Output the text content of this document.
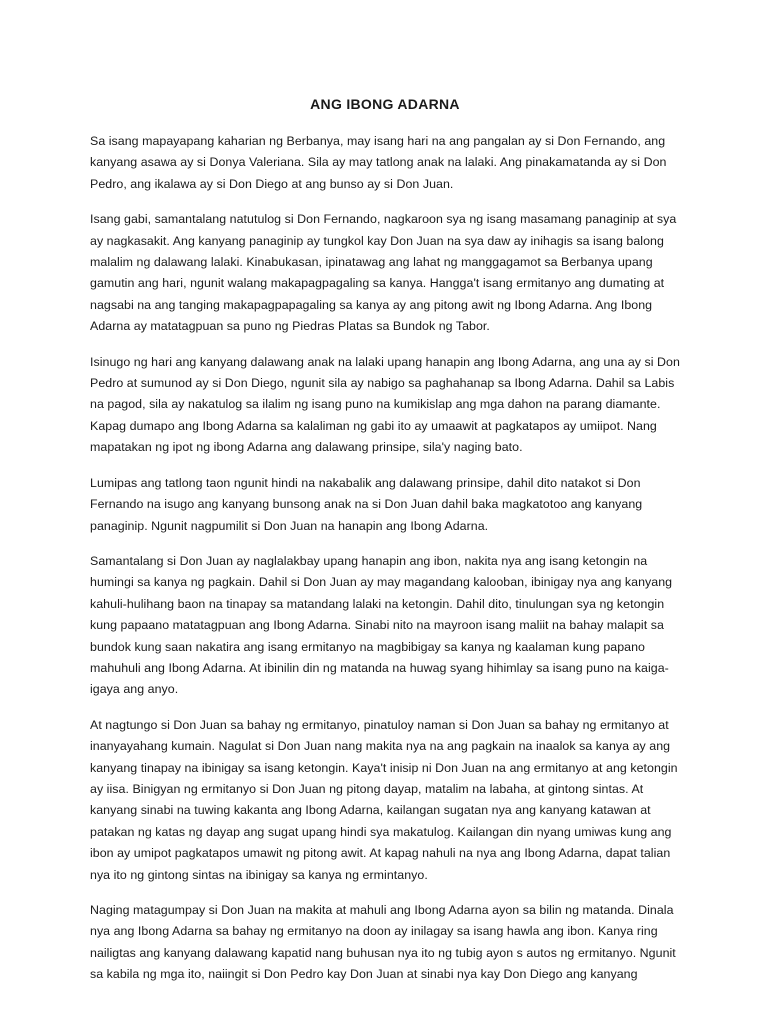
ANG IBONG ADARNA

Sa isang mapayapang kaharian ng Berbanya, may isang hari na ang pangalan ay si Don Fernando, ang kanyang asawa ay si Donya Valeriana. Sila ay may tatlong anak na lalaki. Ang pinakamatanda ay si Don Pedro, ang ikalawa ay si Don Diego at ang bunso ay si Don Juan.

Isang gabi, samantalang natutulog si Don Fernando, nagkaroon sya ng isang masamang panaginip at sya ay nagkasakit. Ang kanyang panaginip ay tungkol kay Don Juan na sya daw ay inihagis sa isang balong malalim ng dalawang lalaki. Kinabukasan, ipinatawag ang lahat ng manggagamot sa Berbanya upang gamutin ang hari, ngunit walang makapagpagaling sa kanya. Hangga't isang ermitanyo ang dumating at nagsabi na ang tanging makapagpapagaling sa kanya ay ang pitong awit ng Ibong Adarna. Ang Ibong Adarna ay matatagpuan sa puno ng Piedras Platas sa Bundok ng Tabor.

Isinugo ng hari ang kanyang dalawang anak na lalaki upang hanapin ang Ibong Adarna, ang una ay si Don Pedro at sumunod ay si Don Diego, ngunit sila ay nabigo sa paghahanap sa Ibong Adarna. Dahil sa Labis na pagod, sila ay nakatulog sa ilalim ng isang puno na kumikislap ang mga dahon na parang diamante. Kapag dumapo ang Ibong Adarna sa kalaliman ng gabi ito ay umaawit at pagkatapos ay umiipot. Nang mapatakan ng ipot ng ibong Adarna ang dalawang prinsipe, sila'y naging bato.

Lumipas ang tatlong taon ngunit hindi na nakabalik ang dalawang prinsipe, dahil dito natakot si Don Fernando na isugo ang kanyang bunsong anak na si Don Juan dahil baka magkatotoo ang kanyang panaginip. Ngunit nagpumilit si Don Juan na hanapin ang Ibong Adarna.

Samantalang si Don Juan ay naglalakbay upang hanapin ang ibon, nakita nya ang isang ketongin na humingi sa kanya ng pagkain. Dahil si Don Juan ay may magandang kalooban, ibinigay nya ang kanyang kahuli-hulihang baon na tinapay sa matandang lalaki na ketongin. Dahil dito, tinulungan sya ng ketongin kung papaano matatagpuan ang Ibong Adarna. Sinabi nito na mayroon isang maliit na bahay malapit sa bundok kung saan nakatira ang isang ermitanyo na magbibigay sa kanya ng kaalaman kung papano mahuhuli ang Ibong Adarna. At ibinilin din ng matanda na huwag syang hihimlay sa isang puno na kaiga-igaya ang anyo.

At nagtungo si Don Juan sa bahay ng ermitanyo, pinatuloy naman si Don Juan sa bahay ng ermitanyo at inanyayahang kumain. Nagulat si Don Juan nang makita nya na ang pagkain na inaalok sa kanya ay ang kanyang tinapay na ibinigay sa isang ketongin. Kaya't inisip ni Don Juan na ang ermitanyo at ang ketongin ay iisa. Binigyan ng ermitanyo si Don Juan ng pitong dayap, matalim na labaha, at gintong sintas. At kanyang sinabi na tuwing kakanta ang Ibong Adarna, kailangan sugatan nya ang kanyang katawan at patakan ng katas ng dayap ang sugat upang hindi sya makatulog. Kailangan din nyang umiwas kung ang ibon ay umipot pagkatapos umawit ng pitong awit. At kapag nahuli na nya ang Ibong Adarna, dapat talian nya ito ng gintong sintas na ibinigay sa kanya ng ermintanyo.

Naging matagumpay si Don Juan na makita at mahuli ang Ibong Adarna ayon sa bilin ng matanda. Dinala nya ang Ibong Adarna sa bahay ng ermitanyo na doon ay inilagay sa isang hawla ang ibon. Kanya ring nailigtas ang kanyang dalawang kapatid nang buhusan nya ito ng tubig ayon s autos ng ermitanyo. Ngunit sa kabila ng mga ito, naiingit si Don Pedro kay Don Juan at sinabi nya kay Don Diego ang kanyang
